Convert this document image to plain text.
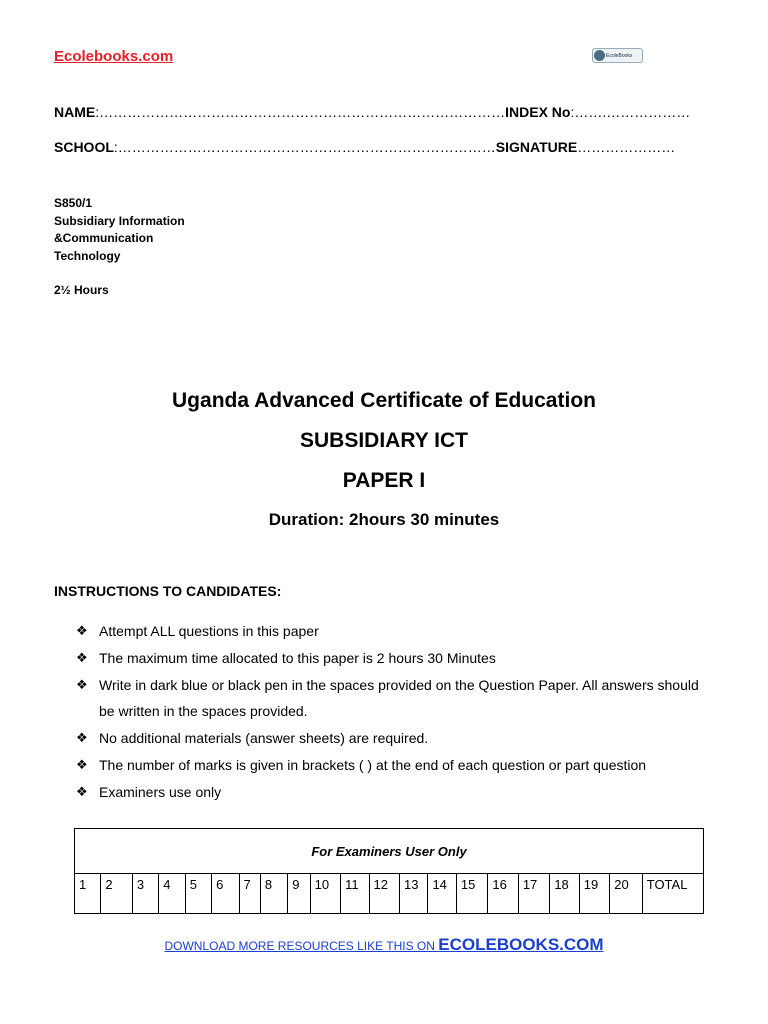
Ecolebooks.com	EcoleBooks
NAME :…………………………………………………………………………… INDEX No :…….………………
SCHOOL :……………………………………………………………………… SIGNATURE …………………
S850/1
Subsidiary Information
&Communication
Technology
2½ Hours
Uganda Advanced Certificate of Education
SUBSIDIARY ICT
PAPER I
Duration: 2hours 30 minutes
INSTRUCTIONS TO CANDIDATES:
❖ Attempt ALL questions in this paper
❖ The maximum time allocated to this paper is 2 hours 30 Minutes
❖ Write in dark blue or black pen in the spaces provided on the Question Paper. All answers should be written in the spaces provided.
❖ No additional materials (answer sheets) are required.
❖ The number of marks is given in brackets ( ) at the end of each question or part question
❖ Examiners use only
For Examiners User Only
1	2	3	4	5	6	7	8	9	10	11	12	13	14	15	16	17	18	19	20	TOTAL
DOWNLOAD MORE RESOURCES LIKE THIS ON ECOLEBOOKS.COM
